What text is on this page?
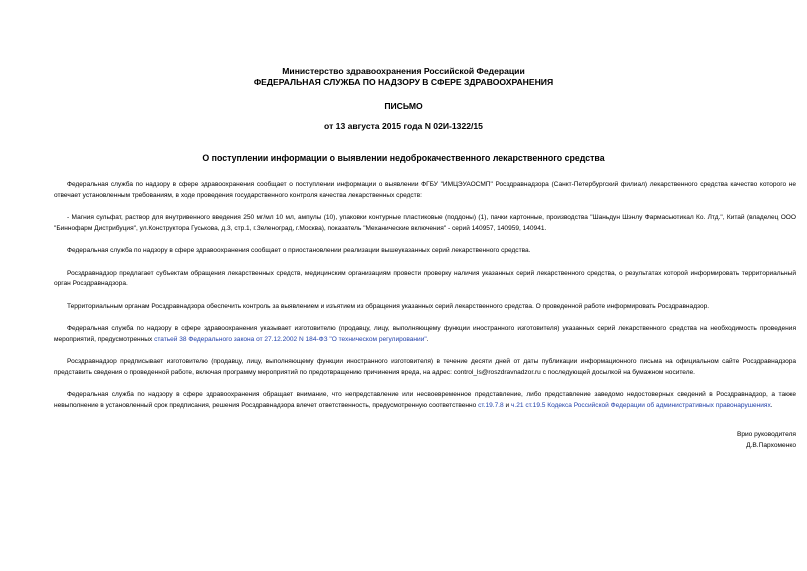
Министерство здравоохранения Российской Федерации
ФЕДЕРАЛЬНАЯ СЛУЖБА ПО НАДЗОРУ В СФЕРЕ ЗДРАВООХРАНЕНИЯ
ПИСЬМО
от 13 августа 2015 года N 02И-1322/15
О поступлении информации о выявлении недоброкачественного лекарственного средства

Федеральная служба по надзору в сфере здравоохранения сообщает о поступлении информации о выявлении ФГБУ "ИМЦЭУАОСМП" Росздравнадзора (Санкт-Петербургский филиал) лекарственного средства качество которого не отвечает установленным требованиям, в ходе проведения государственного контроля качества лекарственных средств:

- Магния сульфат, раствор для внутривенного введения 250 мг/мл 10 мл, ампулы (10), упаковки контурные пластиковые (поддоны) (1), пачки картонные, производства "Шаньдун Шэнлу Фармасьютикал Ко. Лтд.", Китай (владелец ООО "Биннофарм Дистрибуция", ул.Конструктора Гуськова, д.3, стр.1, г.Зеленоград, г.Москва), показатель "Механические включения" - серий 140957, 140959, 140941.

Федеральная служба по надзору в сфере здравоохранения сообщает о приостановлении реализации вышеуказанных серий лекарственного средства.

Росздравнадзор предлагает субъектам обращения лекарственных средств, медицинским организациям провести проверку наличия указанных серий лекарственного средства, о результатах которой информировать территориальный орган Росздравнадзора.

Территориальным органам Росздравнадзора обеспечить контроль за выявлением и изъятием из обращения указанных серий лекарственного средства. О проведенной работе информировать Росздравнадзор.

Федеральная служба по надзору в сфере здравоохранения указывает изготовителю (продавцу, лицу, выполняющему функции иностранного изготовителя) указанных серий лекарственного средства на необходимость проведения мероприятий, предусмотренных статьей 38 Федерального закона от 27.12.2002 N 184-ФЗ "О техническом регулировании".

Росздравнадзор предписывает изготовителю (продавцу, лицу, выполняющему функции иностранного изготовителя) в течение десяти дней от даты публикации информационного письма на официальном сайте Росздравнадзора представить сведения о проведенной работе, включая программу мероприятий по предотвращению причинения вреда, на адрес: control_ls@roszdravnadzor.ru с последующей досылкой на бумажном носителе.

Федеральная служба по надзору в сфере здравоохранения обращает внимание, что непредставление или несвоевременное представление, либо представление заведомо недостоверных сведений в Росздравнадзор, а также невыполнение в установленный срок предписания, решения Росздравнадзора влечет ответственность, предусмотренную соответственно ст.19.7.8 и ч.21 ст.19.5 Кодекса Российской Федерации об административных правонарушениях.

Врио руководителя
Д.В.Пархоменко
